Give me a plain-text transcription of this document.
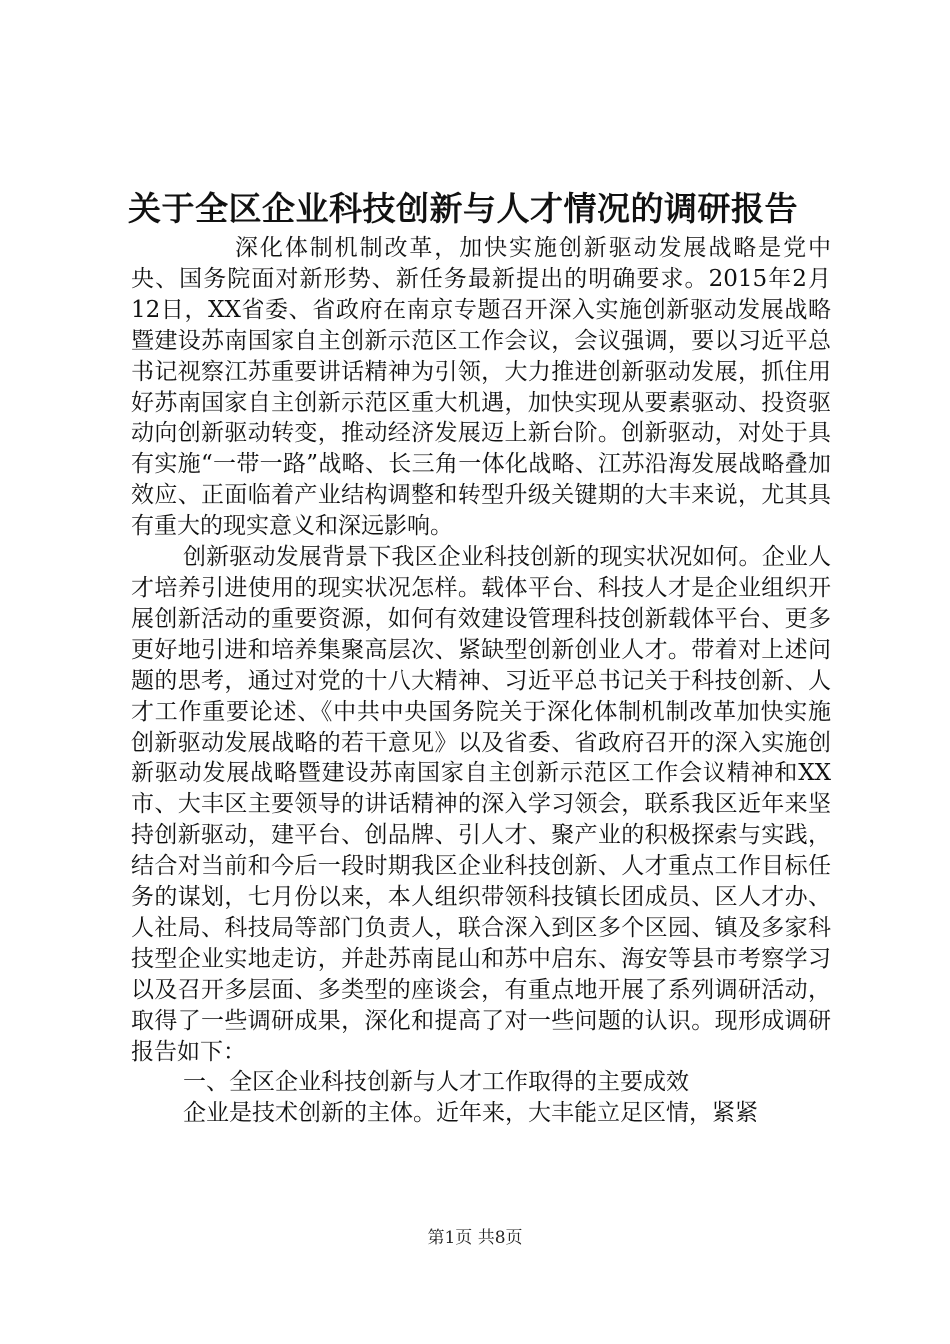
关于全区企业科技创新与人才情况的调研报告

深化体制机制改革，加快实施创新驱动发展战略是党中央、国务院面对新形势、新任务最新提出的明确要求。2015年2月12日，XX省委、省政府在南京专题召开深入实施创新驱动发展战略暨建设苏南国家自主创新示范区工作会议，会议强调，要以习近平总书记视察江苏重要讲话精神为引领，大力推进创新驱动发展，抓住用好苏南国家自主创新示范区重大机遇，加快实现从要素驱动、投资驱动向创新驱动转变，推动经济发展迈上新台阶。创新驱动，对处于具有实施“一带一路”战略、长三角一体化战略、江苏沿海发展战略叠加效应、正面临着产业结构调整和转型升级关键期的大丰来说，尤其具有重大的现实意义和深远影响。

创新驱动发展背景下我区企业科技创新的现实状况如何。企业人才培养引进使用的现实状况怎样。载体平台、科技人才是企业组织开展创新活动的重要资源，如何有效建设管理科技创新载体平台、更多更好地引进和培养集聚高层次、紧缺型创新创业人才。带着对上述问题的思考，通过对党的十八大精神、习近平总书记关于科技创新、人才工作重要论述、《中共中央国务院关于深化体制机制改革加快实施创新驱动发展战略的若干意见》以及省委、省政府召开的深入实施创新驱动发展战略暨建设苏南国家自主创新示范区工作会议精神和XX市、大丰区主要领导的讲话精神的深入学习领会，联系我区近年来坚持创新驱动，建平台、创品牌、引人才、聚产业的积极探索与实践，结合对当前和今后一段时期我区企业科技创新、人才重点工作目标任务的谋划，七月份以来，本人组织带领科技镇长团成员、区人才办、人社局、科技局等部门负责人，联合深入到区多个区园、镇及多家科技型企业实地走访，并赴苏南昆山和苏中启东、海安等县市考察学习以及召开多层面、多类型的座谈会，有重点地开展了系列调研活动，取得了一些调研成果，深化和提高了对一些问题的认识。现形成调研报告如下：

一、全区企业科技创新与人才工作取得的主要成效

企业是技术创新的主体。近年来，大丰能立足区情，紧紧

第1页 共8页
